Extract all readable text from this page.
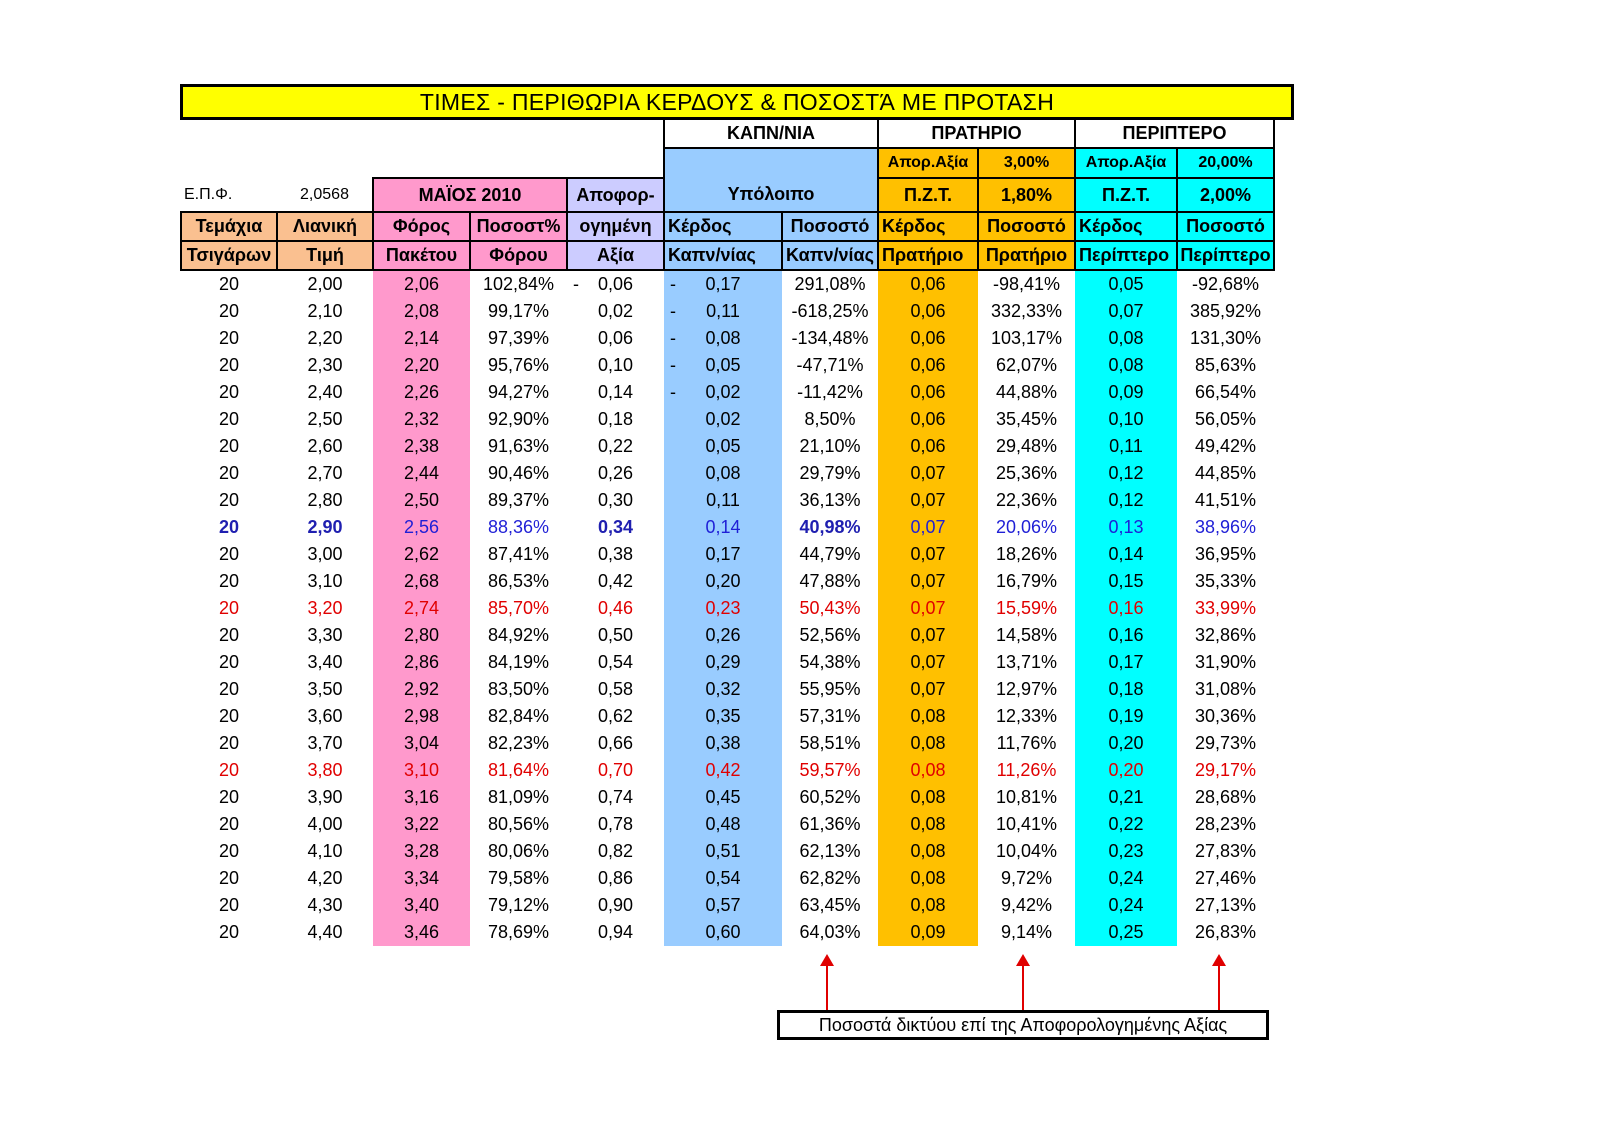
ΤΙΜΕΣ - ΠΕΡΙΘΩΡΙΑ ΚΕΡΔΟΥΣ & ΠΟΣΟΣΤΆ ΜΕ ΠΡΟΤΑΣΗ
					ΚΑΠΝ/ΝΙΑ		ΠΡΑΤΗΡΙΟ		ΠΕΡΙΠΤΕΡΟ	
							Απορ.Αξία	3,00%	Απορ.Αξία	20,00%
Ε.Π.Φ.	2,0568	ΜΑΪΟΣ 2010		Αποφορ-	Υπόλοιπο		Π.Ζ.Τ.	1,80%	Π.Ζ.Τ.	2,00%
Τεμάχια	Λιανική	Φόρος	Ποσοστ%	ογημένη	Κέρδος	Ποσοστό	Κέρδος	Ποσοστό	Κέρδος	Ποσοστό
Τσιγάρων	Τιμή	Πακέτου	Φόρου	Αξία	Καπν/νίας	Καπν/νίας	Πρατήριο	Πρατήριο	Περίπτερο	Περίπτερο
20	2,00	2,06	102,84%	- 0,06	- 0,17	291,08%	0,06	-98,41%	0,05	-92,68%
20	2,10	2,08	99,17%	0,02	- 0,11	-618,25%	0,06	332,33%	0,07	385,92%
20	2,20	2,14	97,39%	0,06	- 0,08	-134,48%	0,06	103,17%	0,08	131,30%
20	2,30	2,20	95,76%	0,10	- 0,05	-47,71%	0,06	62,07%	0,08	85,63%
20	2,40	2,26	94,27%	0,14	- 0,02	-11,42%	0,06	44,88%	0,09	66,54%
20	2,50	2,32	92,90%	0,18	0,02	8,50%	0,06	35,45%	0,10	56,05%
20	2,60	2,38	91,63%	0,22	0,05	21,10%	0,06	29,48%	0,11	49,42%
20	2,70	2,44	90,46%	0,26	0,08	29,79%	0,07	25,36%	0,12	44,85%
20	2,80	2,50	89,37%	0,30	0,11	36,13%	0,07	22,36%	0,12	41,51%
20	2,90	2,56	88,36%	0,34	0,14	40,98%	0,07	20,06%	0,13	38,96%
20	3,00	2,62	87,41%	0,38	0,17	44,79%	0,07	18,26%	0,14	36,95%
20	3,10	2,68	86,53%	0,42	0,20	47,88%	0,07	16,79%	0,15	35,33%
20	3,20	2,74	85,70%	0,46	0,23	50,43%	0,07	15,59%	0,16	33,99%
20	3,30	2,80	84,92%	0,50	0,26	52,56%	0,07	14,58%	0,16	32,86%
20	3,40	2,86	84,19%	0,54	0,29	54,38%	0,07	13,71%	0,17	31,90%
20	3,50	2,92	83,50%	0,58	0,32	55,95%	0,07	12,97%	0,18	31,08%
20	3,60	2,98	82,84%	0,62	0,35	57,31%	0,08	12,33%	0,19	30,36%
20	3,70	3,04	82,23%	0,66	0,38	58,51%	0,08	11,76%	0,20	29,73%
20	3,80	3,10	81,64%	0,70	0,42	59,57%	0,08	11,26%	0,20	29,17%
20	3,90	3,16	81,09%	0,74	0,45	60,52%	0,08	10,81%	0,21	28,68%
20	4,00	3,22	80,56%	0,78	0,48	61,36%	0,08	10,41%	0,22	28,23%
20	4,10	3,28	80,06%	0,82	0,51	62,13%	0,08	10,04%	0,23	27,83%
20	4,20	3,34	79,58%	0,86	0,54	62,82%	0,08	9,72%	0,24	27,46%
20	4,30	3,40	79,12%	0,90	0,57	63,45%	0,08	9,42%	0,24	27,13%
20	4,40	3,46	78,69%	0,94	0,60	64,03%	0,09	9,14%	0,25	26,83%
Ποσοστά δικτύου επί της Αποφορολογημένης Αξίας
